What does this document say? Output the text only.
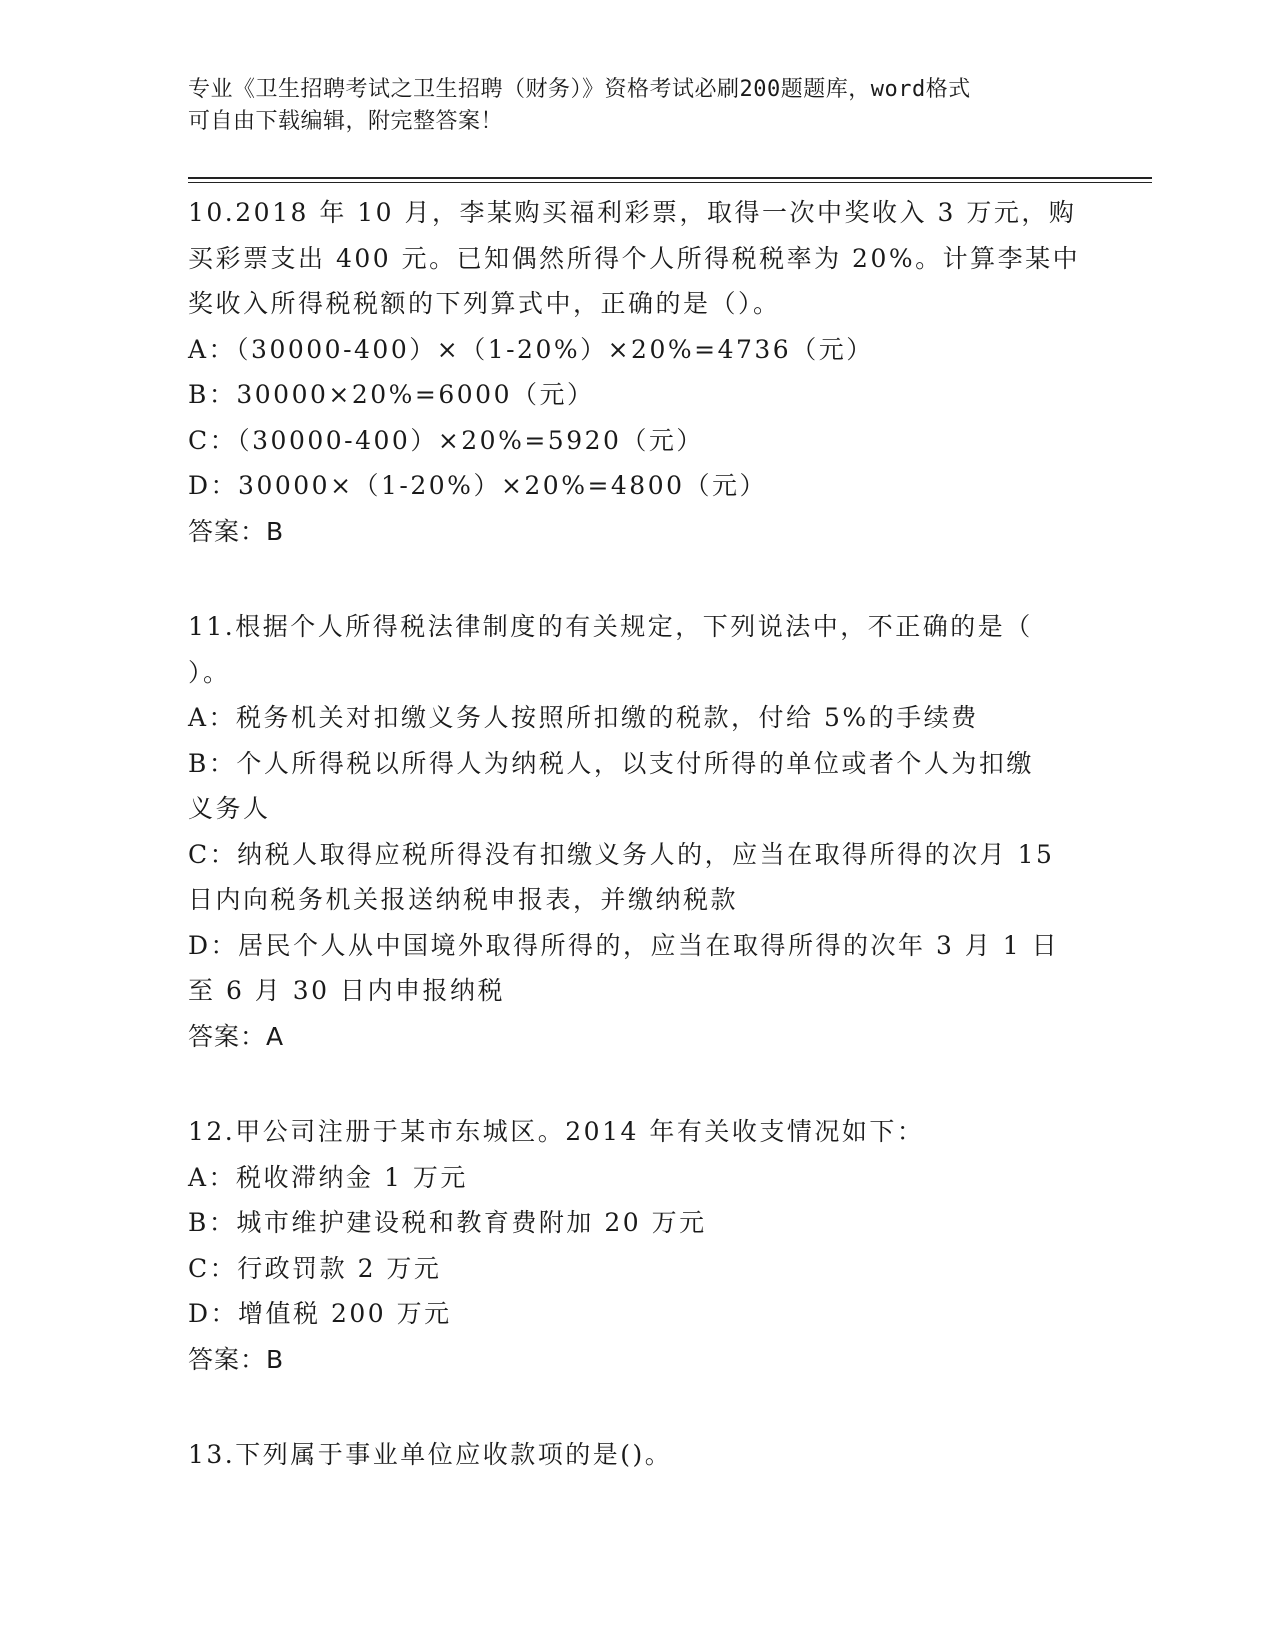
专业《卫生招聘考试之卫生招聘（财务）》资格考试必刷200题题库，word格式
可自由下载编辑，附完整答案！
10.2018 年 10 月，李某购买福利彩票，取得一次中奖收入 3 万元，购
买彩票支出 400 元。已知偶然所得个人所得税税率为 20%。计算李某中
奖收入所得税税额的下列算式中，正确的是（）。
A：（30000-400）×（1-20%）×20%=4736（元）
B：30000×20%=6000（元）
C：（30000-400）×20%=5920（元）
D：30000×（1-20%）×20%=4800（元）
答案：B
11.根据个人所得税法律制度的有关规定，下列说法中，不正确的是（
）。
A：税务机关对扣缴义务人按照所扣缴的税款，付给 5%的手续费
B：个人所得税以所得人为纳税人，以支付所得的单位或者个人为扣缴
义务人
C：纳税人取得应税所得没有扣缴义务人的，应当在取得所得的次月 15
日内向税务机关报送纳税申报表，并缴纳税款
D：居民个人从中国境外取得所得的，应当在取得所得的次年 3 月 1 日
至 6 月 30 日内申报纳税
答案：A
12.甲公司注册于某市东城区。2014 年有关收支情况如下：
A：税收滞纳金 1 万元
B：城市维护建设税和教育费附加 20 万元
C：行政罚款 2 万元
D：增值税 200 万元
答案：B
13.下列属于事业单位应收款项的是()。
